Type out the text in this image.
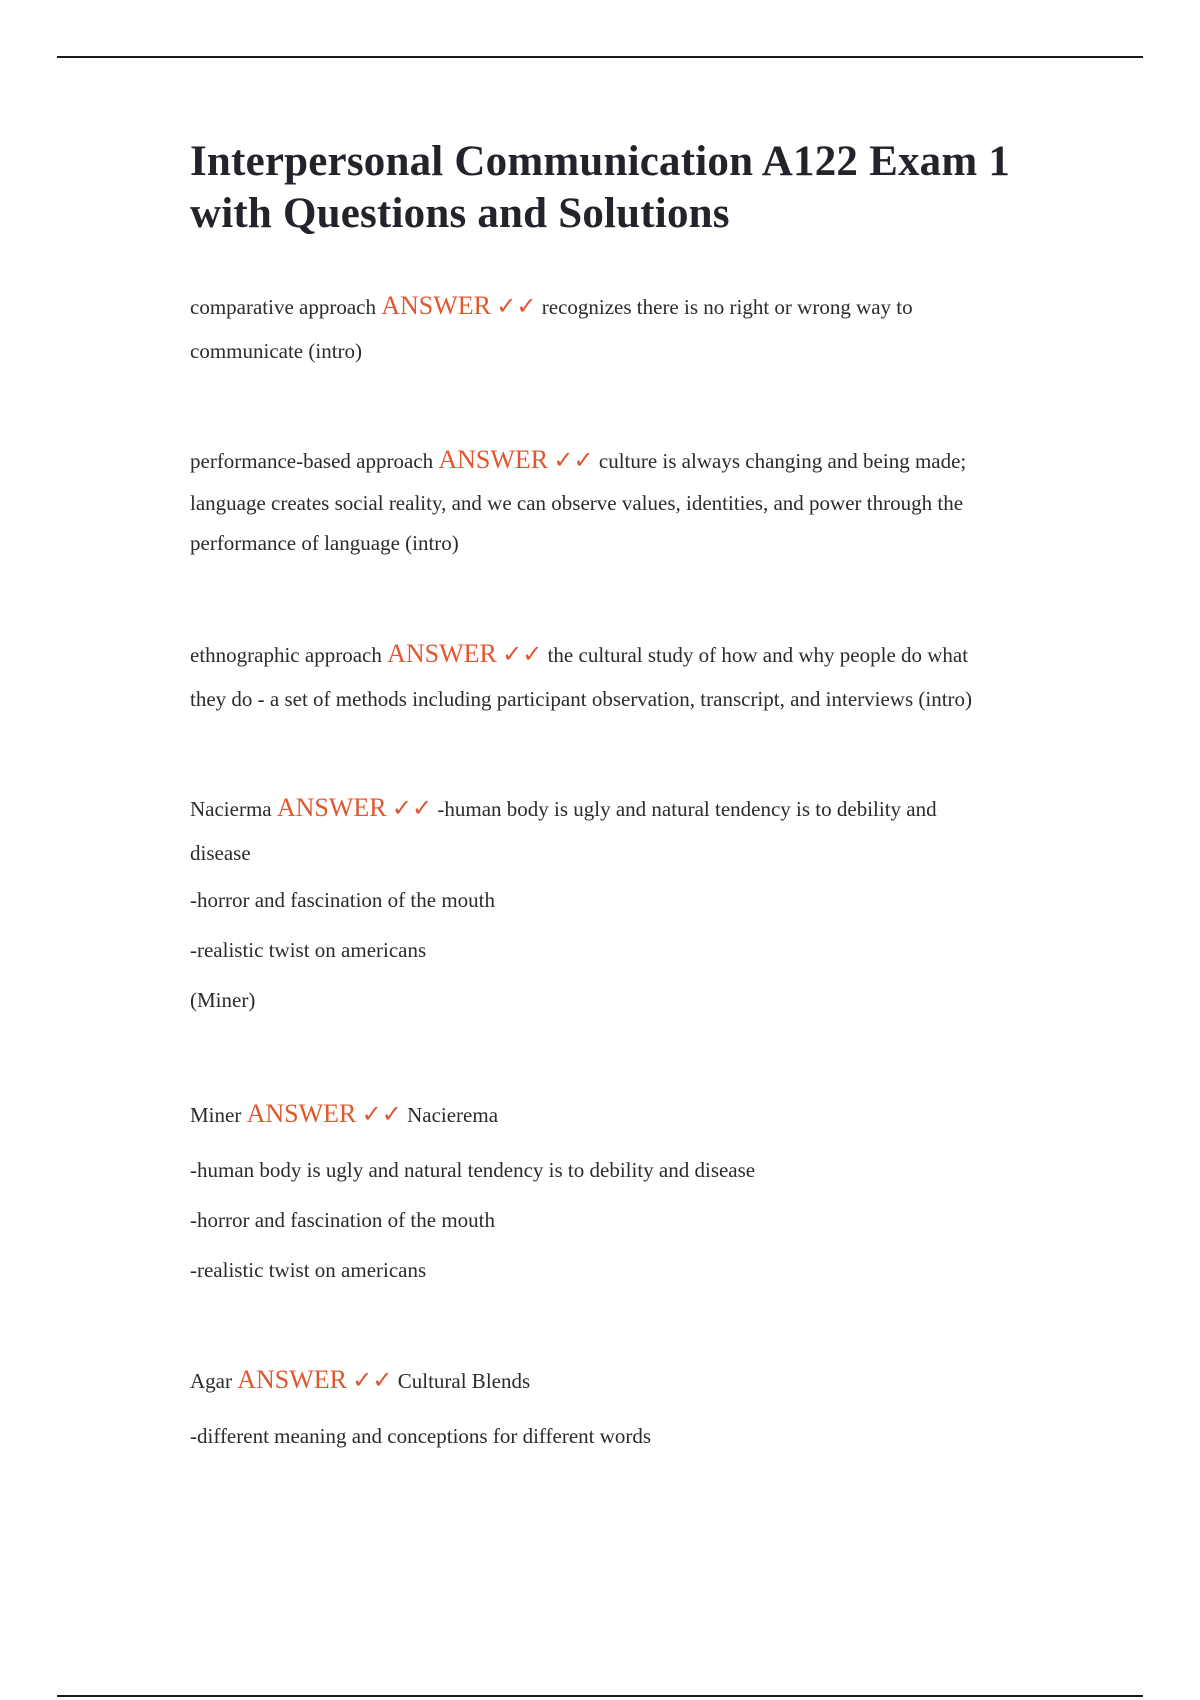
Interpersonal Communication A122 Exam 1 with Questions and Solutions
comparative approach ANSWER ✓✓ recognizes there is no right or wrong way to
communicate (intro)
performance-based approach ANSWER ✓✓ culture is always changing and being made;
language creates social reality, and we can observe values, identities, and power through the
performance of language (intro)
ethnographic approach ANSWER ✓✓ the cultural study of how and why people do what
they do - a set of methods including participant observation, transcript, and interviews (intro)
Nacierma ANSWER ✓✓ -human body is ugly and natural tendency is to debility and
disease
-horror and fascination of the mouth
-realistic twist on americans
(Miner)
Miner ANSWER ✓✓ Nacierema
-human body is ugly and natural tendency is to debility and disease
-horror and fascination of the mouth
-realistic twist on americans
Agar ANSWER ✓✓ Cultural Blends
-different meaning and conceptions for different words
